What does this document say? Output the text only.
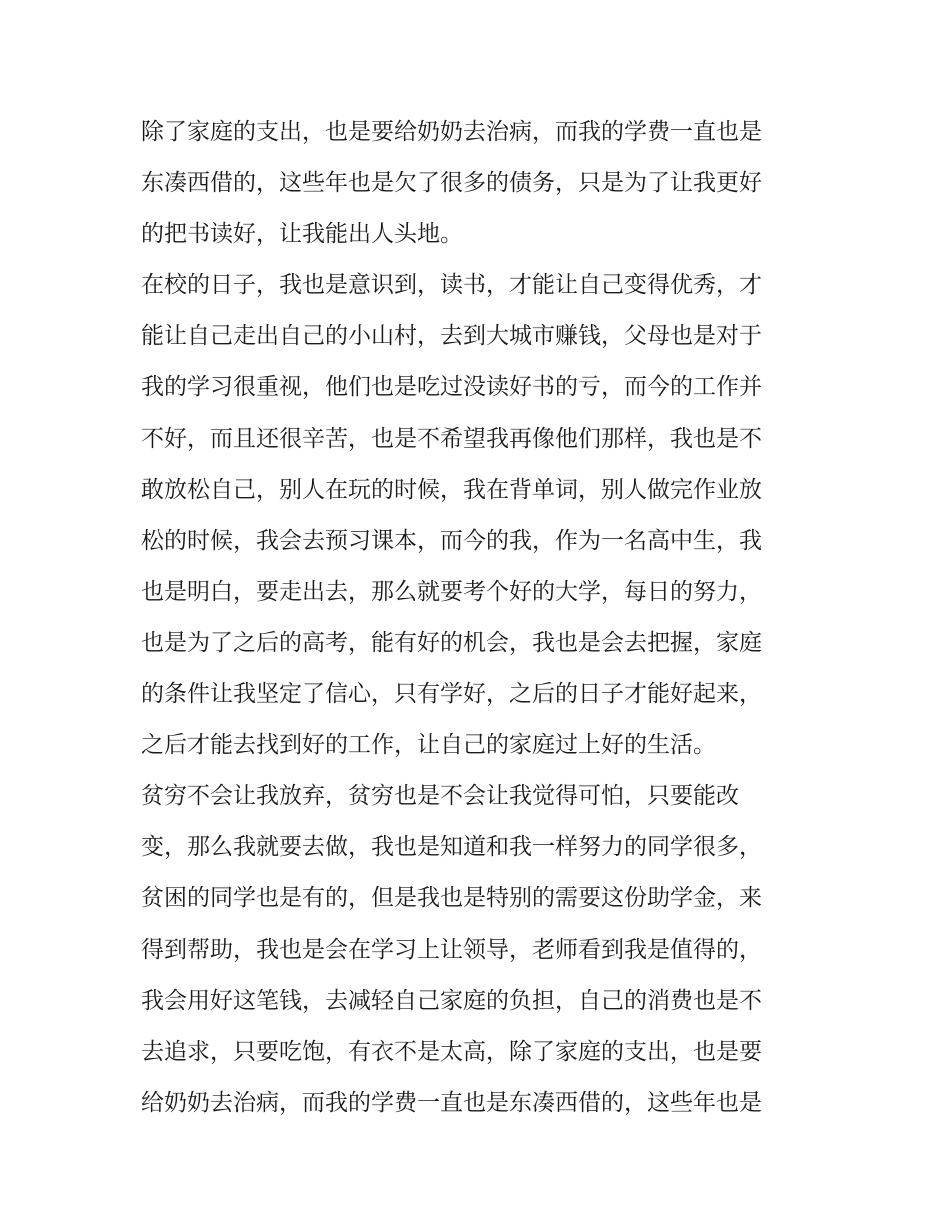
除了家庭的支出，也是要给奶奶去治病，而我的学费一直也是
东凑西借的，这些年也是欠了很多的债务，只是为了让我更好
的把书读好，让我能出人头地。
在校的日子，我也是意识到，读书，才能让自己变得优秀，才
能让自己走出自己的小山村，去到大城市赚钱，父母也是对于
我的学习很重视，他们也是吃过没读好书的亏，而今的工作并
不好，而且还很辛苦，也是不希望我再像他们那样，我也是不
敢放松自己，别人在玩的时候，我在背单词，别人做完作业放
松的时候，我会去预习课本，而今的我，作为一名高中生，我
也是明白，要走出去，那么就要考个好的大学，每日的努力，
也是为了之后的高考，能有好的机会，我也是会去把握，家庭
的条件让我坚定了信心，只有学好，之后的日子才能好起来，
之后才能去找到好的工作，让自己的家庭过上好的生活。
贫穷不会让我放弃，贫穷也是不会让我觉得可怕，只要能改
变，那么我就要去做，我也是知道和我一样努力的同学很多，
贫困的同学也是有的，但是我也是特别的需要这份助学金，来
得到帮助，我也是会在学习上让领导，老师看到我是值得的，
我会用好这笔钱，去减轻自己家庭的负担，自己的消费也是不
去追求，只要吃饱，有衣不是太高，除了家庭的支出，也是要
给奶奶去治病，而我的学费一直也是东凑西借的，这些年也是
